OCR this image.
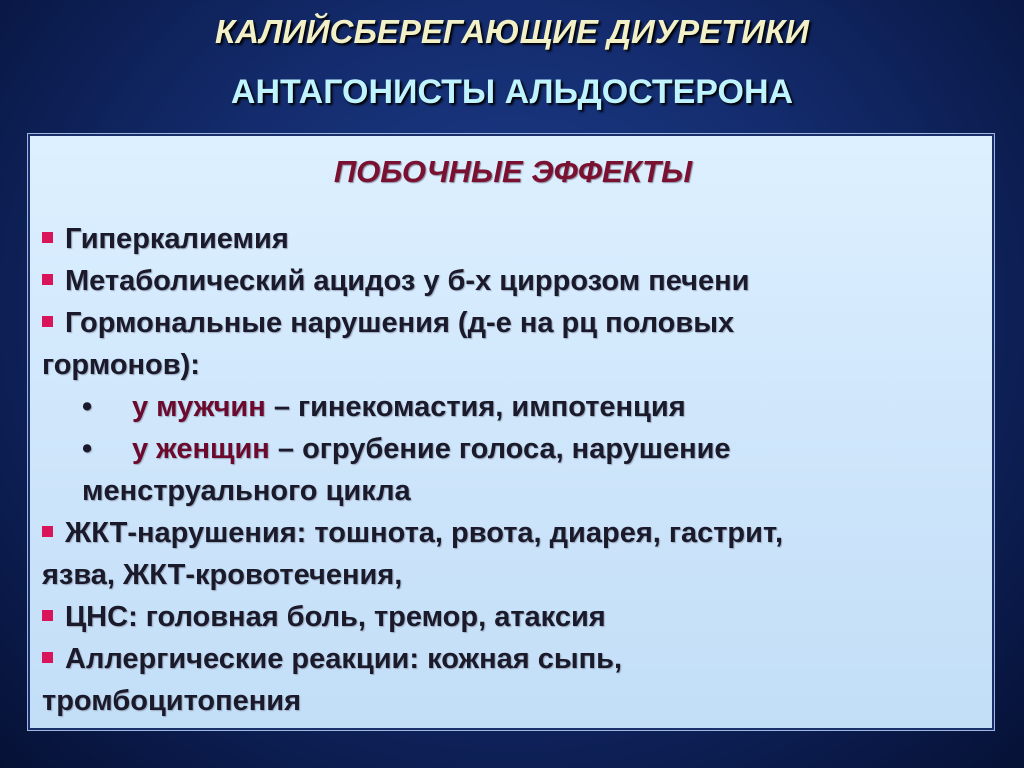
КАЛИЙСБЕРЕГАЮЩИЕ ДИУРЕТИКИ
АНТАГОНИСТЫ АЛЬДОСТЕРОНА
ПОБОЧНЫЕ ЭФФЕКТЫ
Гиперкалиемия
Метаболический ацидоз у б-х циррозом печени
Гормональные нарушения (д-е на рц половых
гормонов):
• у мужчин – гинекомастия, импотенция
• у женщин – огрубение голоса, нарушение
менструального цикла
ЖКТ-нарушения: тошнота, рвота, диарея, гастрит,
язва, ЖКТ-кровотечения,
ЦНС: головная боль, тремор, атаксия
Аллергические реакции: кожная сыпь,
тромбоцитопения
